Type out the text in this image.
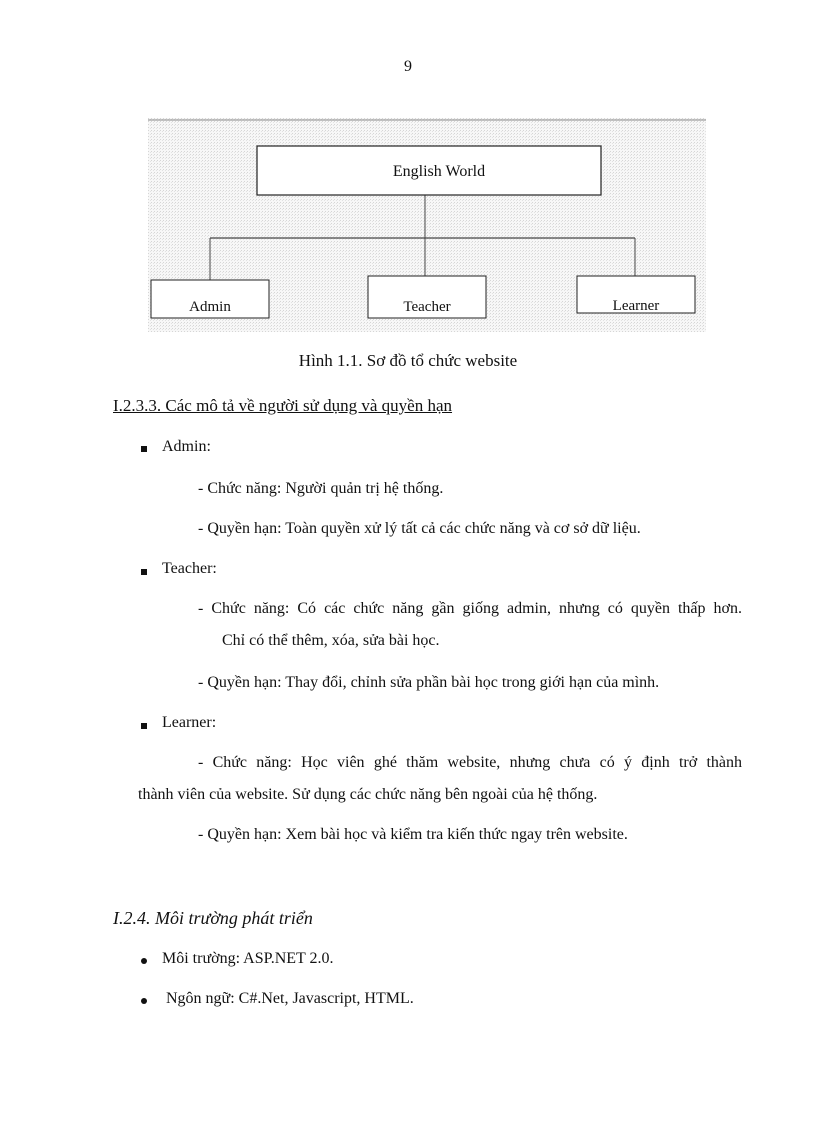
9
English World
Admin	Teacher	Learner
Hình 1.1. Sơ đồ tổ chức website
I.2.3.3. Các mô tả về người sử dụng và quyền hạn
Admin:
- Chức năng: Người quản trị hệ thống.
- Quyền hạn: Toàn quyền xử lý tất cả các chức năng và cơ sở dữ liệu.
Teacher:
- Chức năng: Có các chức năng gần giống admin, nhưng có quyền thấp hơn.
Chỉ có thể thêm, xóa, sửa bài học.
- Quyền hạn: Thay đổi, chỉnh sửa phần bài học trong giới hạn của mình.
Learner:
- Chức năng: Học viên ghé thăm website, nhưng chưa có ý định trở thành
thành viên của website. Sử dụng các chức năng bên ngoài của hệ thống.
- Quyền hạn: Xem bài học và kiểm tra kiến thức ngay trên website.
I.2.4. Môi trường phát triển
Môi trường: ASP.NET 2.0.
Ngôn ngữ: C#.Net, Javascript, HTML.
